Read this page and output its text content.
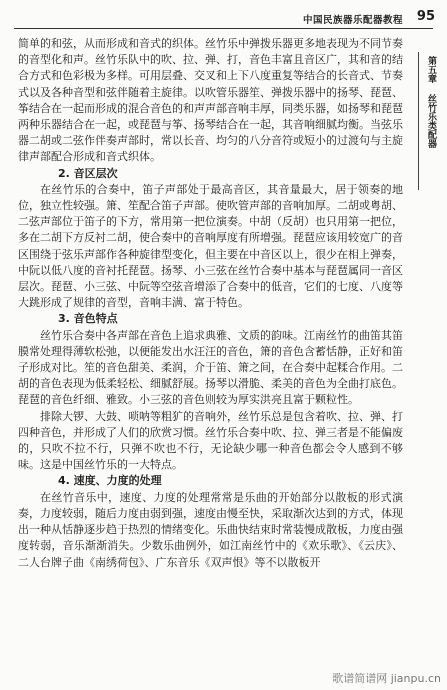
中国民族器乐配器教程 95
第五章
丝竹乐类配器

简单的和弦，从而形成和音式的织体。丝竹乐中弹拨乐器更多地表现为不同节奏的音型化和声。丝竹乐队中的吹、拉、弹、打，音色丰富且音区广，其和音的结合方式和色彩极为多样。可用层叠、交叉和上下八度重复等结合的长音式、节奏式以及各种音型和弦伴随着主旋律。以吹管乐器笙、弹拨乐器中的扬琴、琵琶、筝结合在一起而形成的混合音色的和声声部音响丰厚，同类乐器，如扬琴和琵琶两种乐器结合在一起，或琵琶与筝、扬琴结合在一起，其音响细腻均衡。当弦乐器二胡或二弦作伴奏声部时，常以长音、均匀的八分音符或短小的过渡句与主旋律声部配合形成和音式织体。

2. 音区层次

在丝竹乐的合奏中，笛子声部处于最高音区，其音量最大，居于领奏的地位，独立性较强。箫、笙配合笛子声部。使吹管声部的音响加厚。二胡或粤胡、二弦声部位于笛子的下方，常用第一把位演奏。中胡（反胡）也只用第一把位，多在二胡下方反衬二胡，使合奏中的音响厚度有所增强。琵琶应该用较宽广的音区围绕于弦乐声部作各种旋律型变化，但主要在中音区以上，很少在相上弹奏，中阮以低八度的音衬托琵琶。扬琴、小三弦在丝竹合奏中基本与琵琶属同一音区层次。琵琶、小三弦、中阮等空弦音增添了合奏中的低音，它们的七度、八度等大跳形成了规律的音型，音响丰满、富于特色。

3. 音色特点

丝竹乐合奏中各声部在音色上追求典雅、文质的韵味。江南丝竹的曲笛其笛膜常处理得薄软松弛，以便能发出水汪汪的音色，箫的音色含蓄恬静，正好和笛子形成对比。笙的音色甜美、柔润，介于笛、箫之间，在合奏中起糅合作用。二胡的音色表现为低柔轻松、细腻舒展。扬琴以滑脆、柔美的音色为全曲打底色。琵琶的音色纤细、雅致。小三弦的音色则较为厚实洪亮且富于颗粒性。

排除大锣、大鼓、唢呐等粗犷的音响外，丝竹乐总是包含着吹、拉、弹、打四种音色，并形成了人们的欣赏习惯。丝竹乐合奏中吹、拉、弹三者是不能偏废的，只吹不拉不行，只弹不吹也不行，无论缺少哪一种音色都会令人感到不够味。这是中国丝竹乐的一大特点。

4. 速度、力度的处理

在丝竹音乐中，速度、力度的处理常常是乐曲的开始部分以散板的形式演奏，力度较弱，随后力度由弱到强，速度由慢至快，采取渐次达到的方式，体现出一种从恬静逐步趋于热烈的情绪变化。乐曲快结束时常装慢成散板，力度由强度转弱，音乐渐渐消失。少数乐曲例外，如江南丝竹中的《欢乐歌》、《云庆》、二人台牌子曲《南绣荷包》、广东音乐《双声恨》等不以散板开

歌谱简谱网 jianpu.cn
